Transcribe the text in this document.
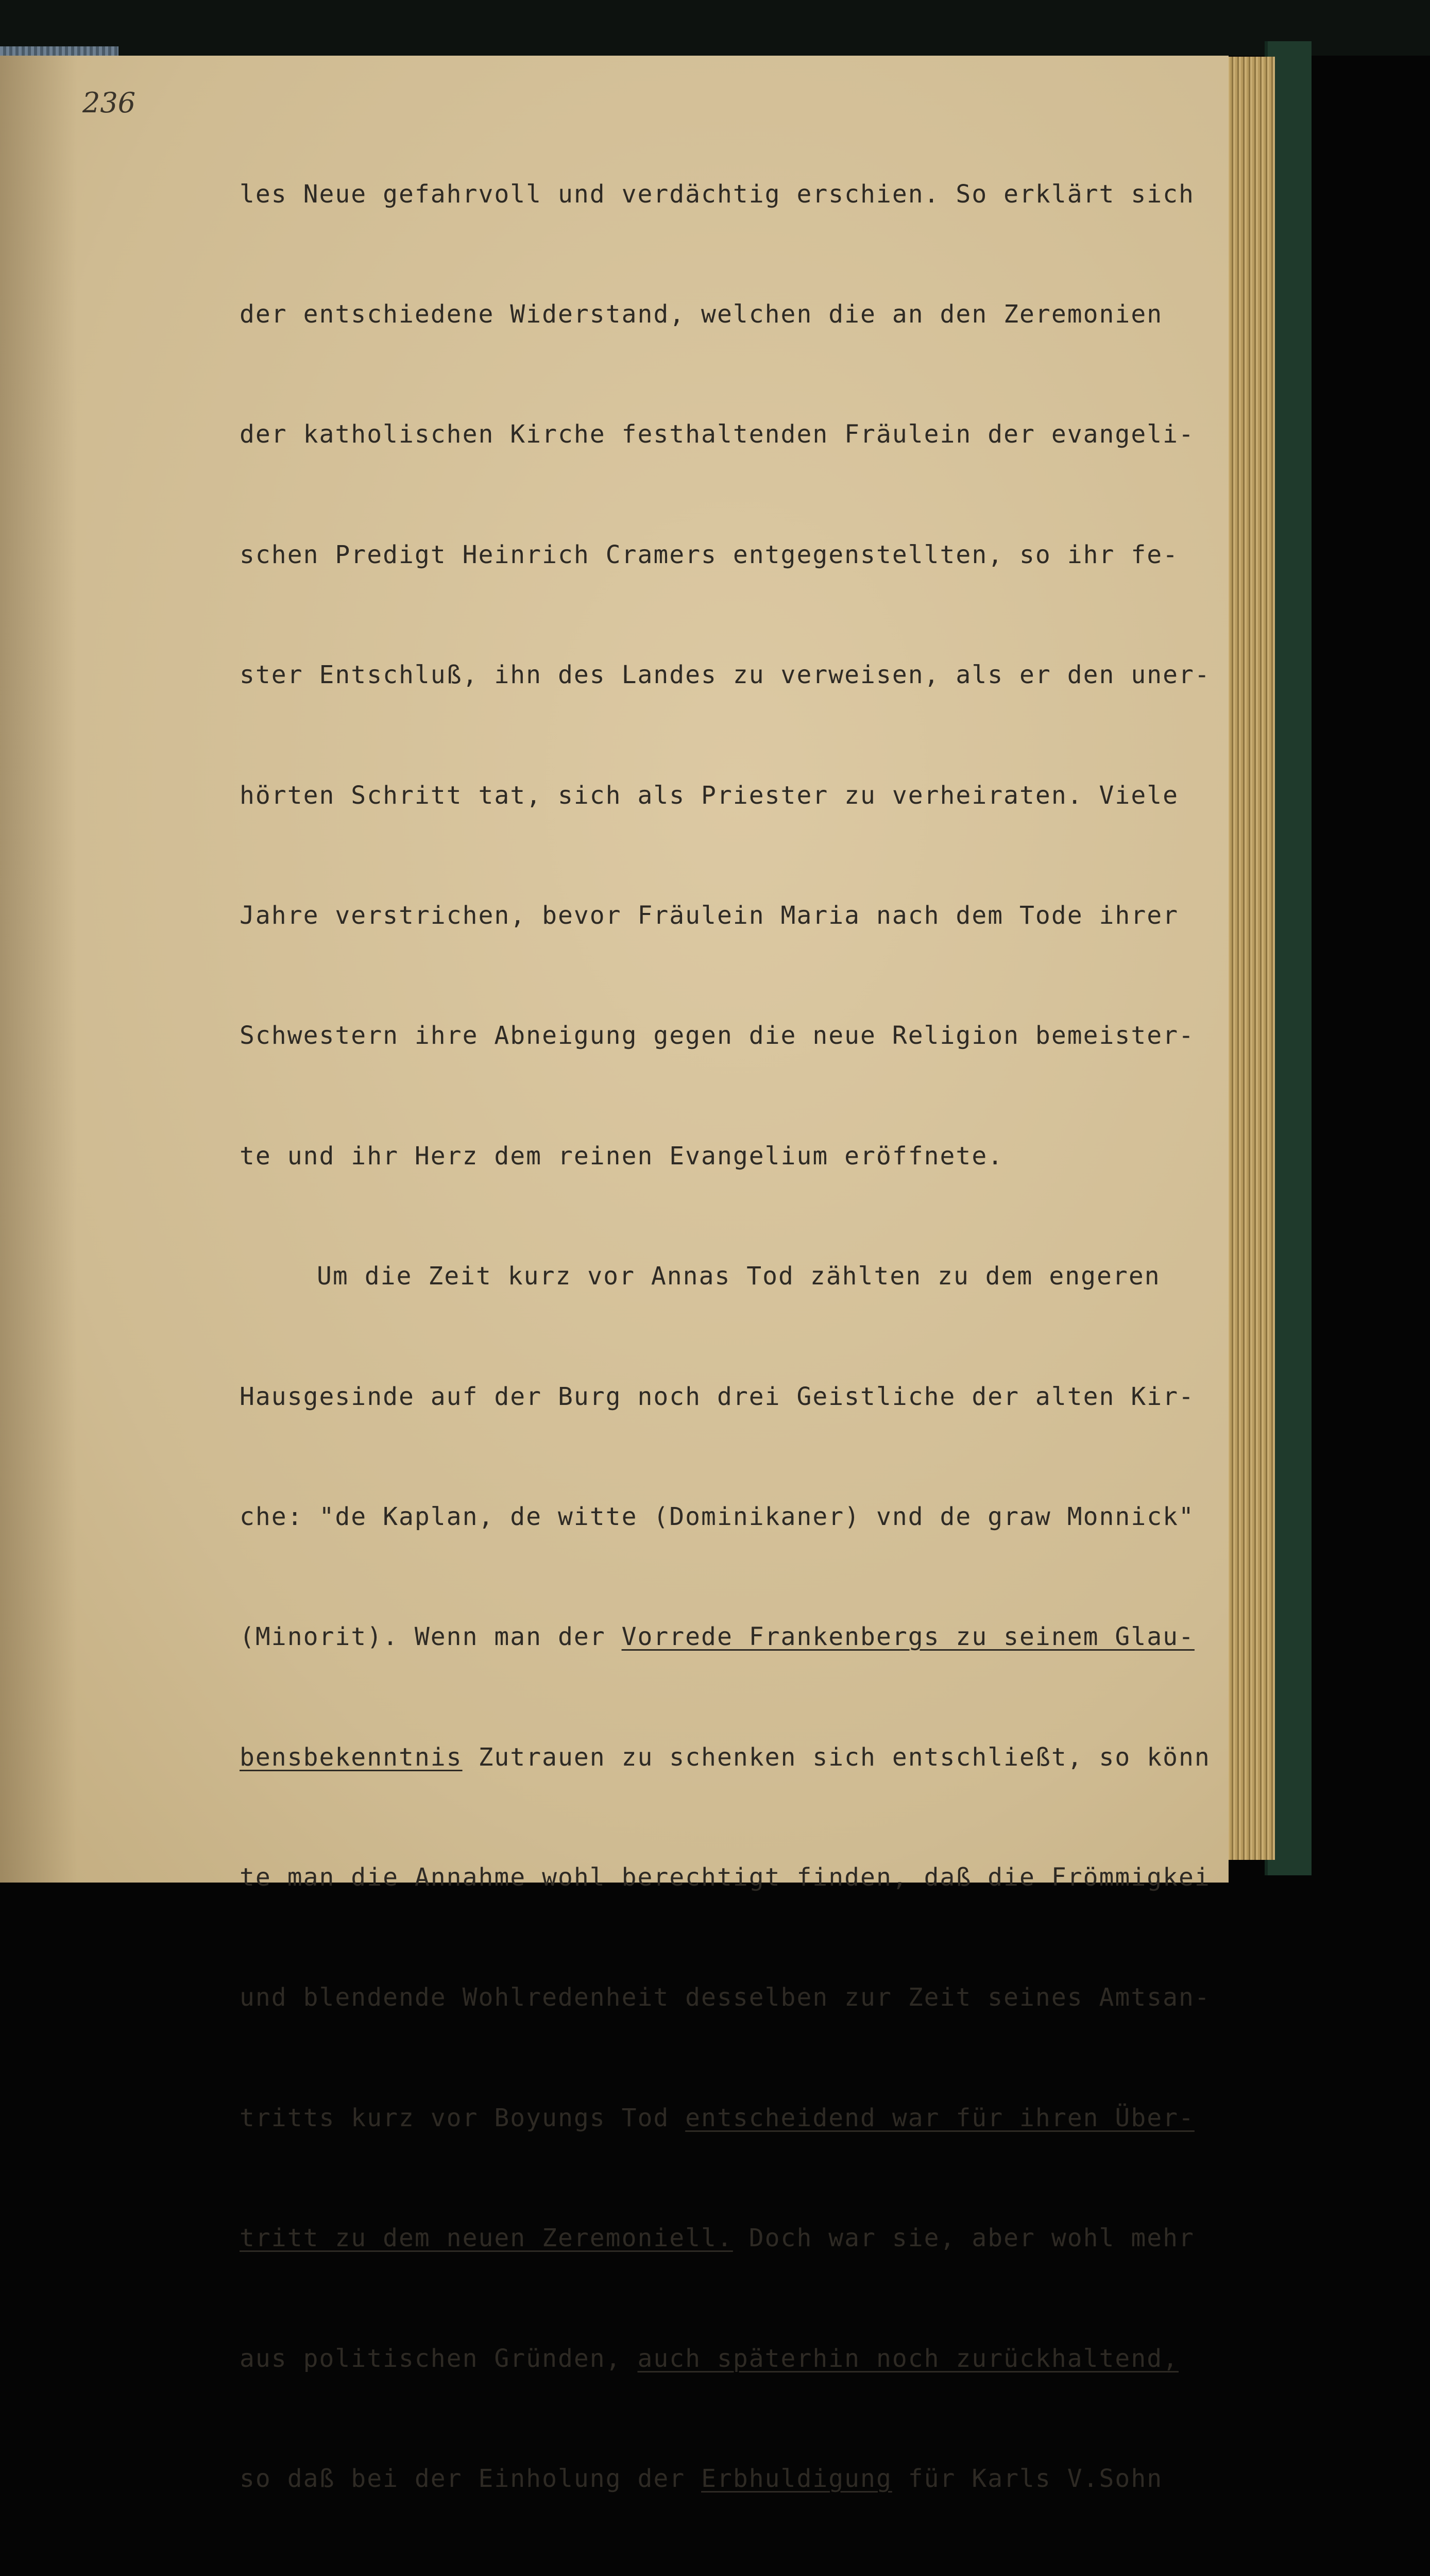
236

les Neue gefahrvoll und verdächtig erschien. So erklärt sich

der entschiedene Widerstand, welchen die an den Zeremonien

der katholischen Kirche festhaltenden Fräulein der evangeli-

schen Predigt Heinrich Cramers entgegenstellten, so ihr fe-

ster Entschluß, ihn des Landes zu verweisen, als er den uner-

hörten Schritt tat, sich als Priester zu verheiraten. Viele

Jahre verstrichen, bevor Fräulein Maria nach dem Tode ihrer

Schwestern ihre Abneigung gegen die neue Religion bemeister-

te und ihr Herz dem reinen Evangelium eröffnete.

Um die Zeit kurz vor Annas Tod zählten zu dem engeren

Hausgesinde auf der Burg noch drei Geistliche der alten Kir-

che: "de Kaplan, de witte (Dominikaner) vnd de graw Monnick"

(Minorit). Wenn man der Vorrede Frankenbergs zu seinem Glau-

bensbekenntnis Zutrauen zu schenken sich entschließt, so könn

te man die Annahme wohl berechtigt finden, daß die Frömmigkei

und blendende Wohlredenheit desselben zur Zeit seines Amtsan-

tritts kurz vor Boyungs Tod entscheidend war für ihren Über-

tritt zu dem neuen Zeremoniell. Doch war sie, aber wohl mehr

aus politischen Gründen, auch späterhin noch zurückhaltend,

so daß bei der Einholung der Erbhuldigung für Karls V.Sohn
